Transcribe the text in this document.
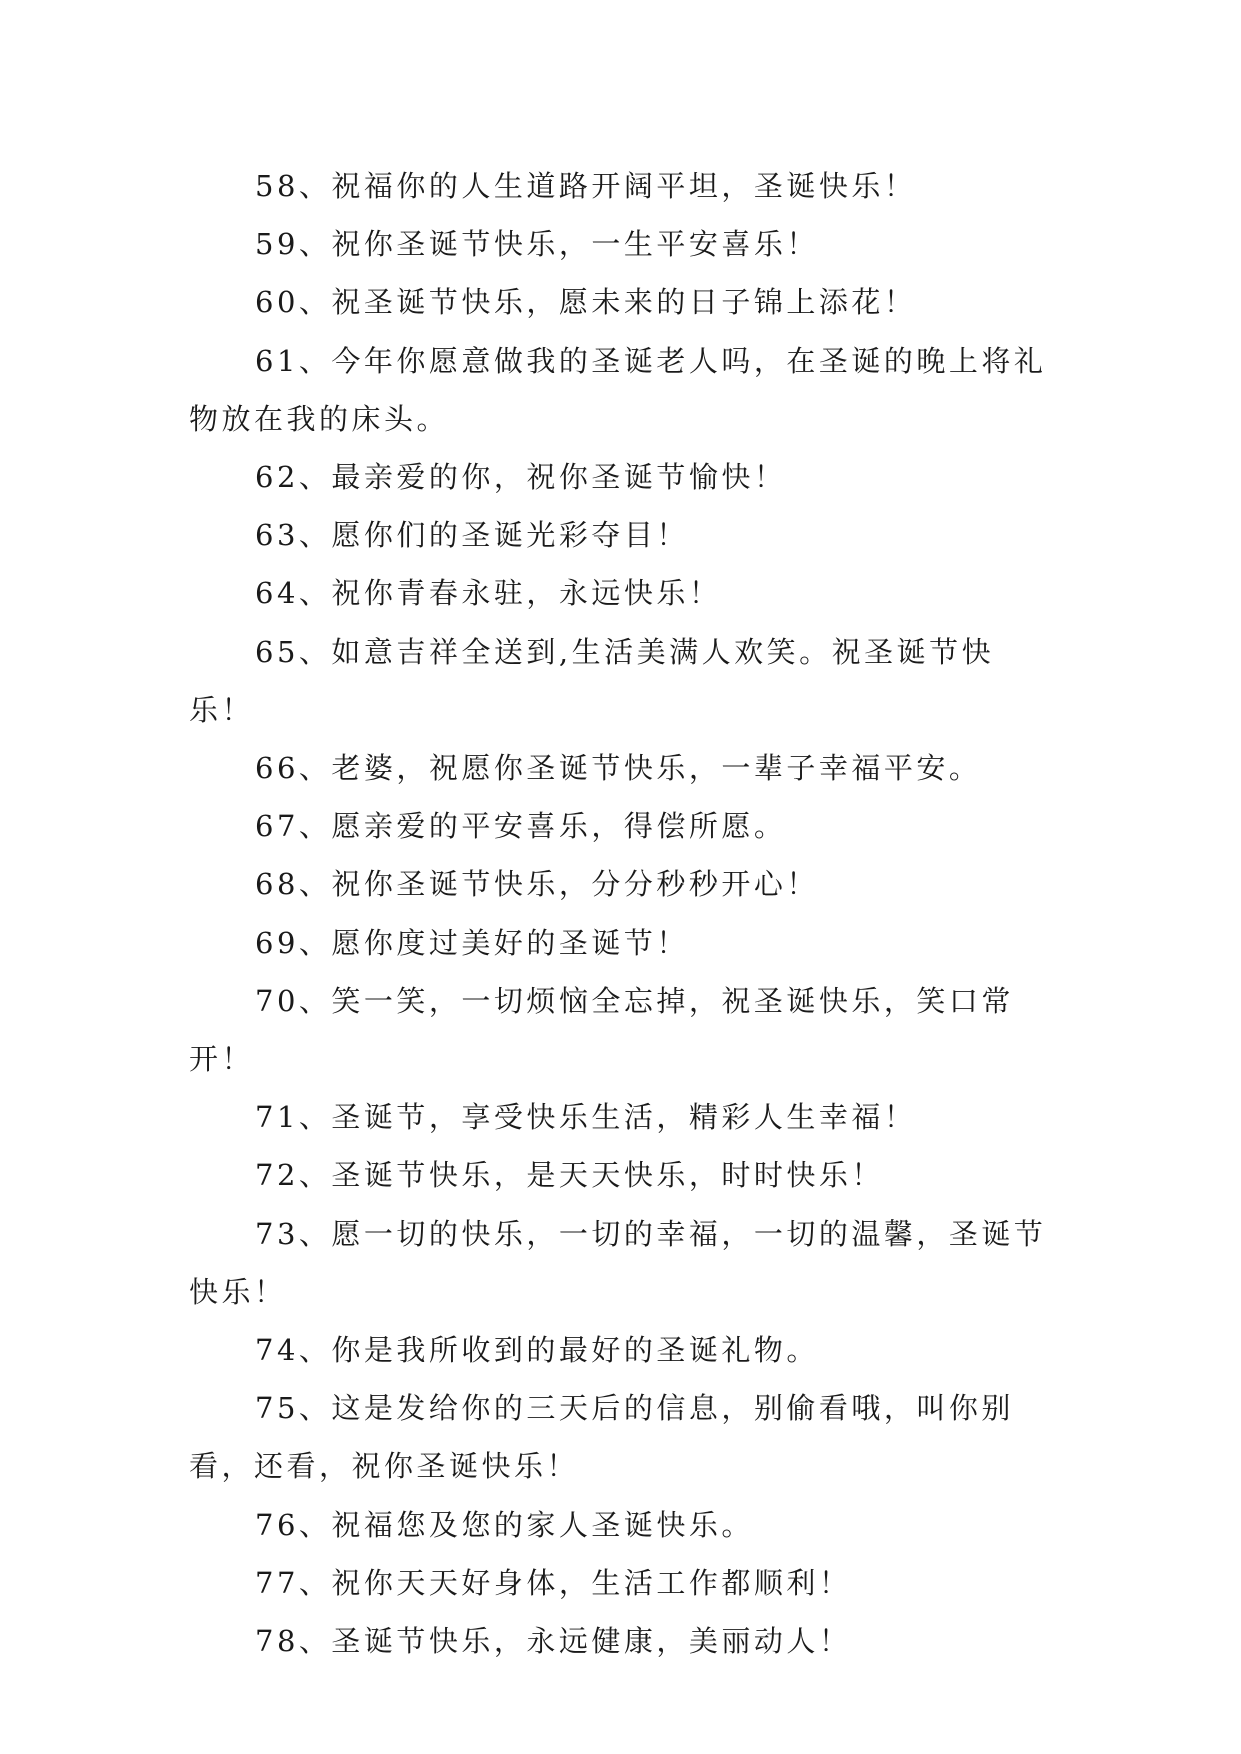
58、祝福你的人生道路开阔平坦，圣诞快乐！

59、祝你圣诞节快乐，一生平安喜乐！

60、祝圣诞节快乐，愿未来的日子锦上添花！

61、今年你愿意做我的圣诞老人吗，在圣诞的晚上将礼物放在我的床头。

62、最亲爱的你，祝你圣诞节愉快！

63、愿你们的圣诞光彩夺目！

64、祝你青春永驻，永远快乐！

65、如意吉祥全送到,生活美满人欢笑。祝圣诞节快乐！

66、老婆，祝愿你圣诞节快乐，一辈子幸福平安。

67、愿亲爱的平安喜乐，得偿所愿。

68、祝你圣诞节快乐，分分秒秒开心！

69、愿你度过美好的圣诞节！

70、笑一笑，一切烦恼全忘掉，祝圣诞快乐，笑口常开！

71、圣诞节，享受快乐生活，精彩人生幸福！

72、圣诞节快乐，是天天快乐，时时快乐！

73、愿一切的快乐，一切的幸福，一切的温馨，圣诞节快乐！

74、你是我所收到的最好的圣诞礼物。

75、这是发给你的三天后的信息，别偷看哦，叫你别看，还看，祝你圣诞快乐！

76、祝福您及您的家人圣诞快乐。

77、祝你天天好身体，生活工作都顺利！

78、圣诞节快乐，永远健康，美丽动人！
